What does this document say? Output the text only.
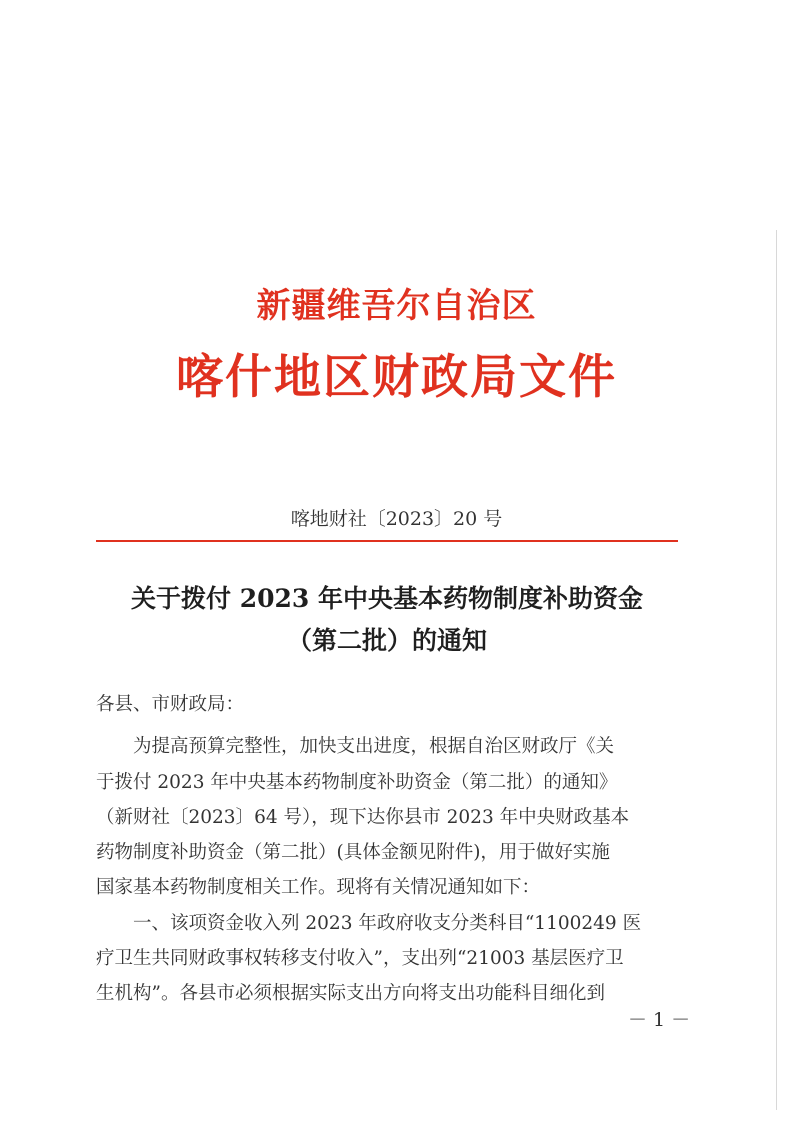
新疆维吾尔自治区
喀什地区财政局文件
喀地财社〔2023〕20 号
关于拨付 2023 年中央基本药物制度补助资金
（第二批）的通知
各县、市财政局：
为提高预算完整性，加快支出进度，根据自治区财政厅《关
于拨付 2023 年中央基本药物制度补助资金（第二批）的通知》
（新财社〔2023〕64 号），现下达你县市 2023 年中央财政基本
药物制度补助资金（第二批）(具体金额见附件)，用于做好实施
国家基本药物制度相关工作。现将有关情况通知如下：
一、该项资金收入列 2023 年政府收支分类科目“1100249 医
疗卫生共同财政事权转移支付收入”，支出列“21003 基层医疗卫
生机构”。各县市必须根据实际支出方向将支出功能科目细化到
－ 1 －
